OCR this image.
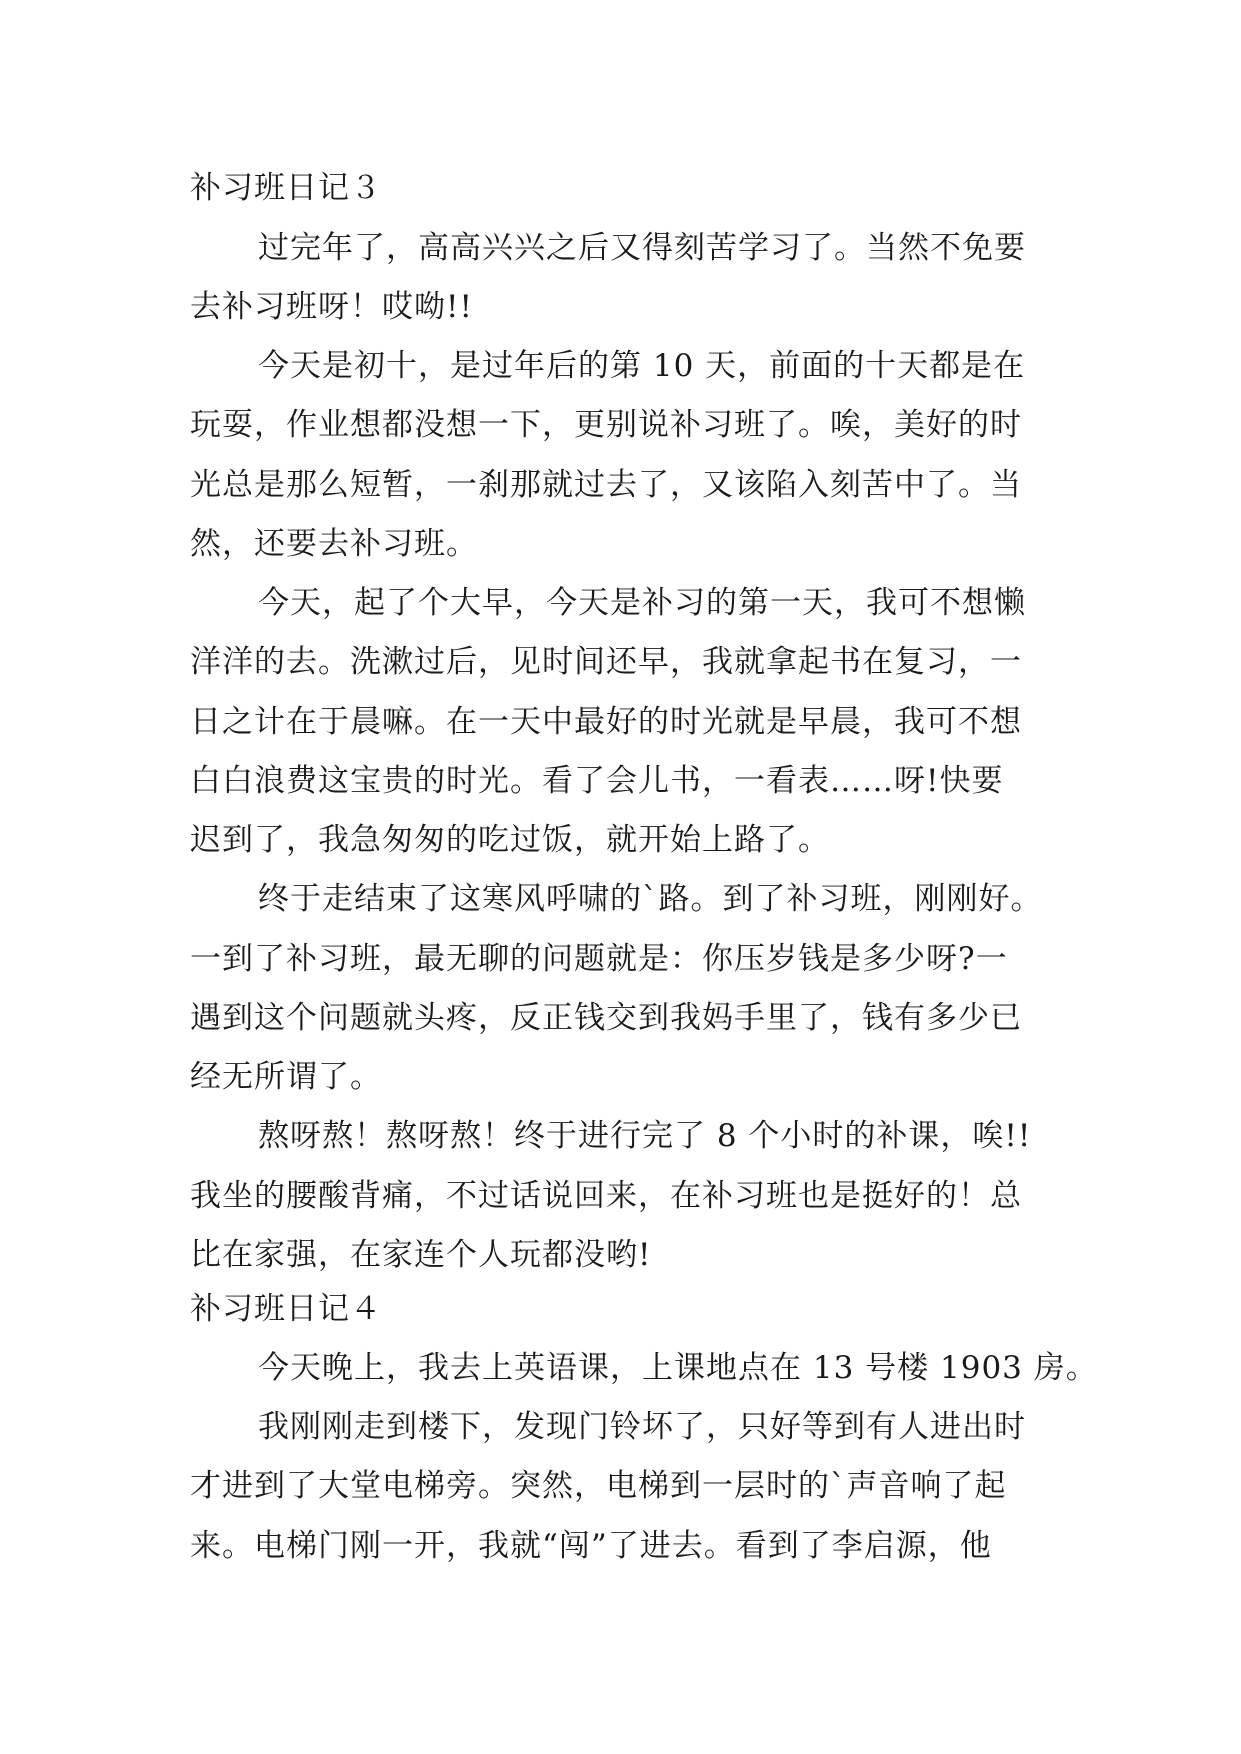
补习班日记３
过完年了，高高兴兴之后又得刻苦学习了。当然不免要
去补习班呀！哎呦!!
今天是初十，是过年后的第 10 天，前面的十天都是在
玩耍，作业想都没想一下，更别说补习班了。唉，美好的时
光总是那么短暂，一刹那就过去了，又该陷入刻苦中了。当
然，还要去补习班。
今天，起了个大早，今天是补习的第一天，我可不想懒
洋洋的去。洗漱过后，见时间还早，我就拿起书在复习，一
日之计在于晨嘛。在一天中最好的时光就是早晨，我可不想
白白浪费这宝贵的时光。看了会儿书，一看表……呀!快要
迟到了，我急匆匆的吃过饭，就开始上路了。
终于走结束了这寒风呼啸的`路。到了补习班，刚刚好。
一到了补习班，最无聊的问题就是：你压岁钱是多少呀?一
遇到这个问题就头疼，反正钱交到我妈手里了，钱有多少已
经无所谓了。
熬呀熬！熬呀熬！终于进行完了 8 个小时的补课，唉!!
我坐的腰酸背痛，不过话说回来，在补习班也是挺好的！总
比在家强，在家连个人玩都没哟!
补习班日记４
今天晚上，我去上英语课，上课地点在 13 号楼 1903 房。
我刚刚走到楼下，发现门铃坏了，只好等到有人进出时
才进到了大堂电梯旁。突然，电梯到一层时的`声音响了起
来。电梯门刚一开，我就“闯”了进去。看到了李启源，他
